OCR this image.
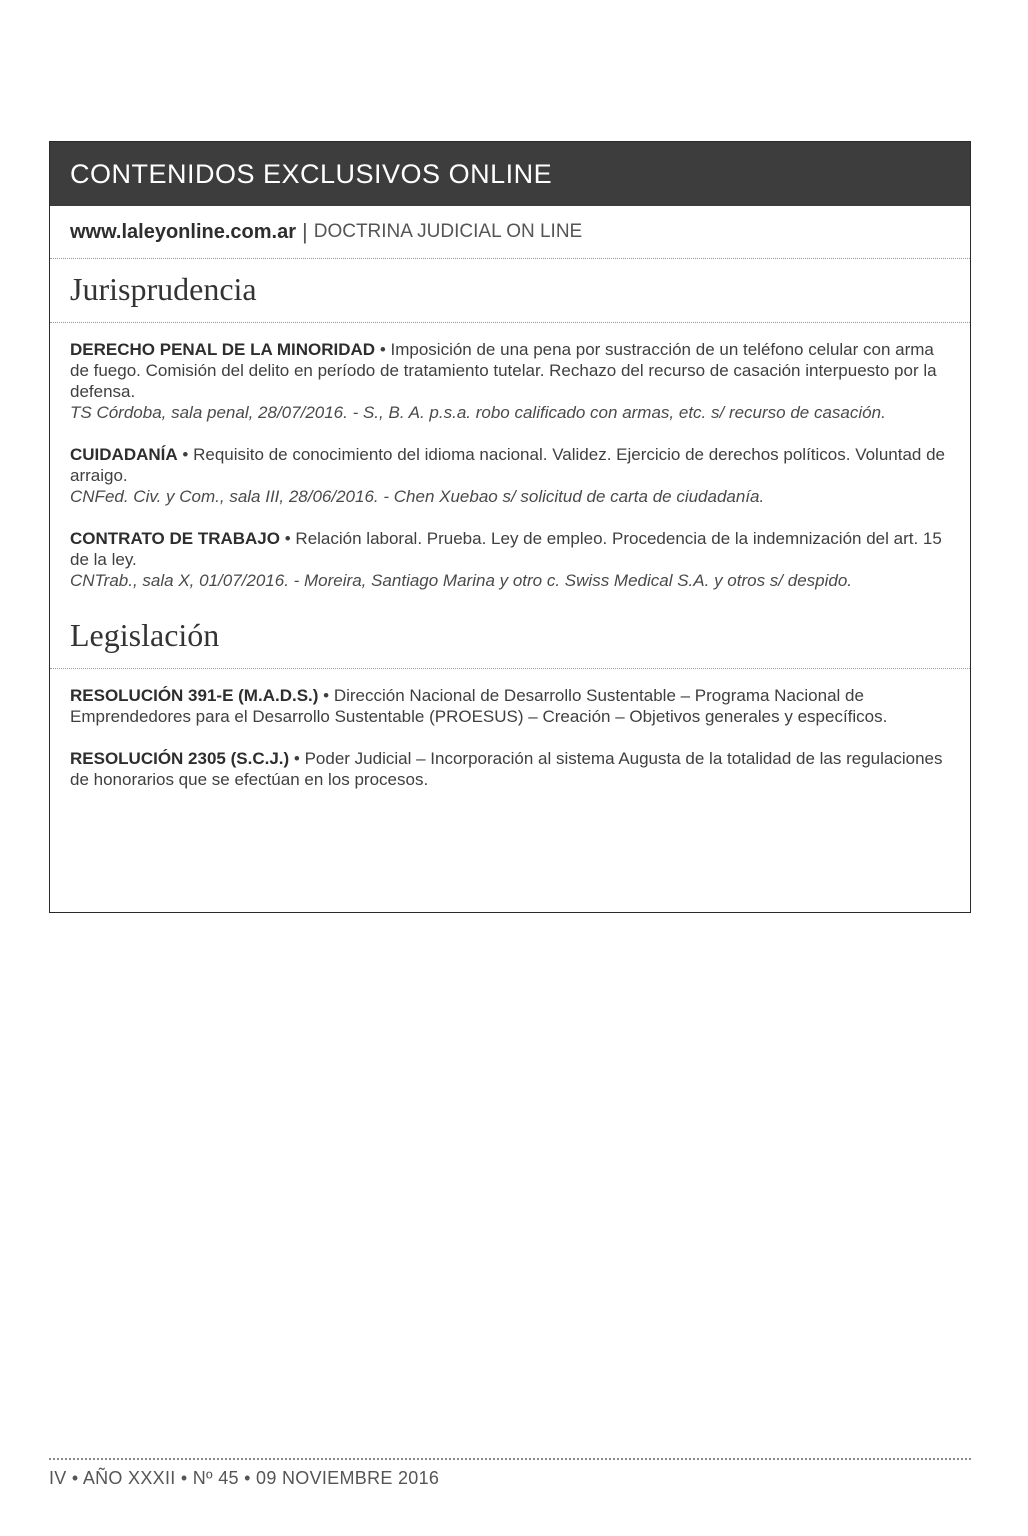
CONTENIDOS EXCLUSIVOS ONLINE
www.laleyonline.com.ar | DOCTRINA JUDICIAL ON LINE
Jurisprudencia
DERECHO PENAL DE LA MINORIDAD • Imposición de una pena por sustracción de un teléfono celular con arma de fuego. Comisión del delito en período de tratamiento tutelar. Rechazo del recurso de casación interpuesto por la defensa.
TS Córdoba, sala penal, 28/07/2016. - S., B. A. p.s.a. robo calificado con armas, etc. s/ recurso de casación.
CUIDADANÍA • Requisito de conocimiento del idioma nacional. Validez. Ejercicio de derechos políticos. Voluntad de arraigo.
CNFed. Civ. y Com., sala III, 28/06/2016. - Chen Xuebao s/ solicitud de carta de ciudadanía.
CONTRATO DE TRABAJO • Relación laboral. Prueba. Ley de empleo. Procedencia de la indemnización del art. 15 de la ley.
CNTrab., sala X, 01/07/2016. - Moreira, Santiago Marina y otro c. Swiss Medical S.A. y otros s/ despido.
Legislación
RESOLUCIÓN 391-E (M.A.D.S.) • Dirección Nacional de Desarrollo Sustentable – Programa Nacional de Emprendedores para el Desarrollo Sustentable (PROESUS) – Creación – Objetivos generales y específicos.
RESOLUCIÓN 2305 (S.C.J.) • Poder Judicial – Incorporación al sistema Augusta de la totalidad de las regulaciones de honorarios que se efectúan en los procesos.
IV • AÑO XXXII • Nº 45 • 09 NOVIEMBRE 2016
